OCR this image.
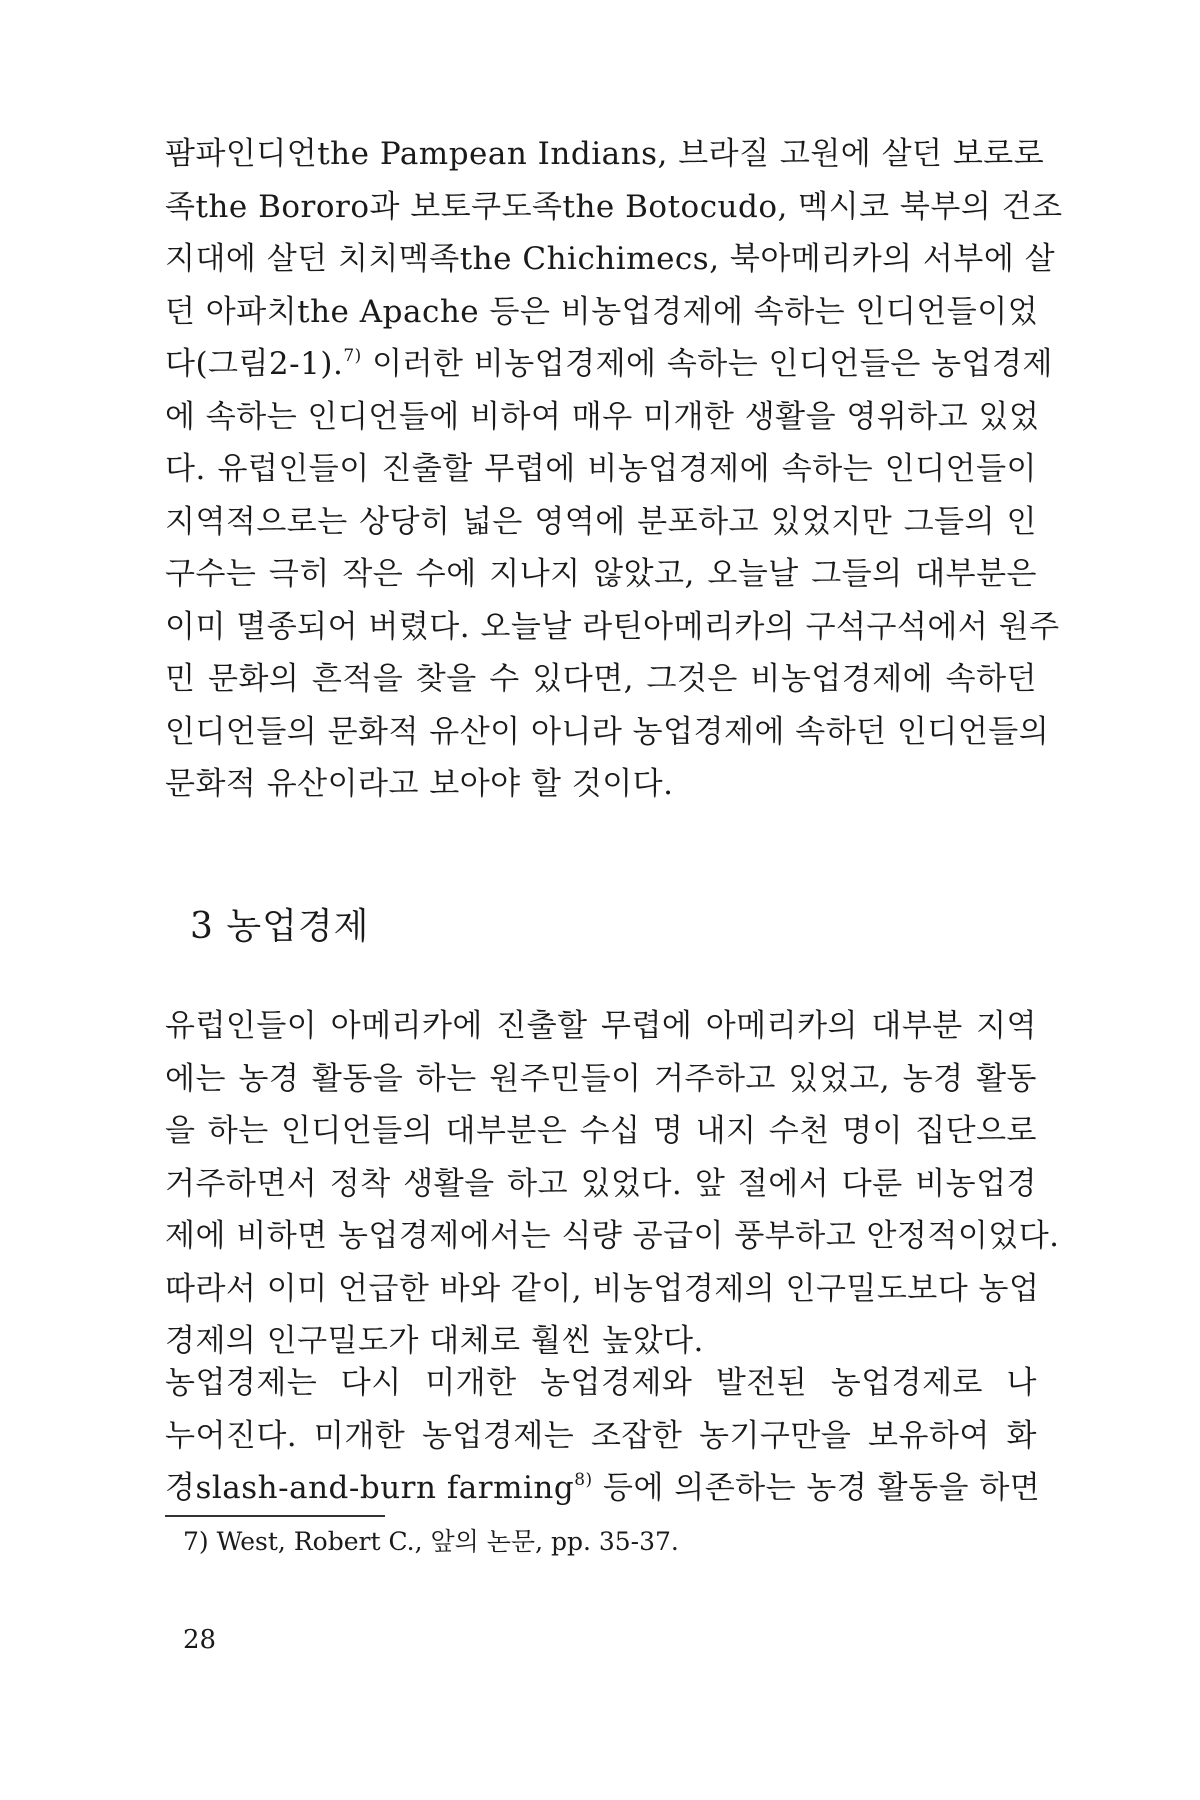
팜파인디언the Pampean Indians, 브라질 고원에 살던 보로로
족the Bororo과 보토쿠도족the Botocudo, 멕시코 북부의 건조
지대에 살던 치치멕족the Chichimecs, 북아메리카의 서부에 살
던 아파치the Apache 등은 비농업경제에 속하는 인디언들이었
다(그림2-1).$^{7)}$ 이러한 비농업경제에 속하는 인디언들은 농업경제
에 속하는 인디언들에 비하여 매우 미개한 생활을 영위하고 있었
다. 유럽인들이 진출할 무렵에 비농업경제에 속하는 인디언들이
지역적으로는 상당히 넓은 영역에 분포하고 있었지만 그들의 인
구수는 극히 작은 수에 지나지 않았고, 오늘날 그들의 대부분은
이미 멸종되어 버렸다. 오늘날 라틴아메리카의 구석구석에서 원주
민 문화의 흔적을 찾을 수 있다면, 그것은 비농업경제에 속하던
인디언들의 문화적 유산이 아니라 농업경제에 속하던 인디언들의
문화적 유산이라고 보아야 할 것이다.
3 농업경제
유럽인들이 아메리카에 진출할 무렵에 아메리카의 대부분 지역
에는 농경 활동을 하는 원주민들이 거주하고 있었고, 농경 활동
을 하는 인디언들의 대부분은 수십 명 내지 수천 명이 집단으로
거주하면서 정착 생활을 하고 있었다. 앞 절에서 다룬 비농업경
제에 비하면 농업경제에서는 식량 공급이 풍부하고 안정적이었다.
따라서 이미 언급한 바와 같이, 비농업경제의 인구밀도보다 농업
경제의 인구밀도가 대체로 훨씬 높았다.
농업경제는 다시 미개한 농업경제와 발전된 농업경제로 나
누어진다. 미개한 농업경제는 조잡한 농기구만을 보유하여 화
경slash-and-burn farming$^{8)}$ 등에 의존하는 농경 활동을 하면

7) West, Robert C., 앞의 논문, pp. 35-37.

28
